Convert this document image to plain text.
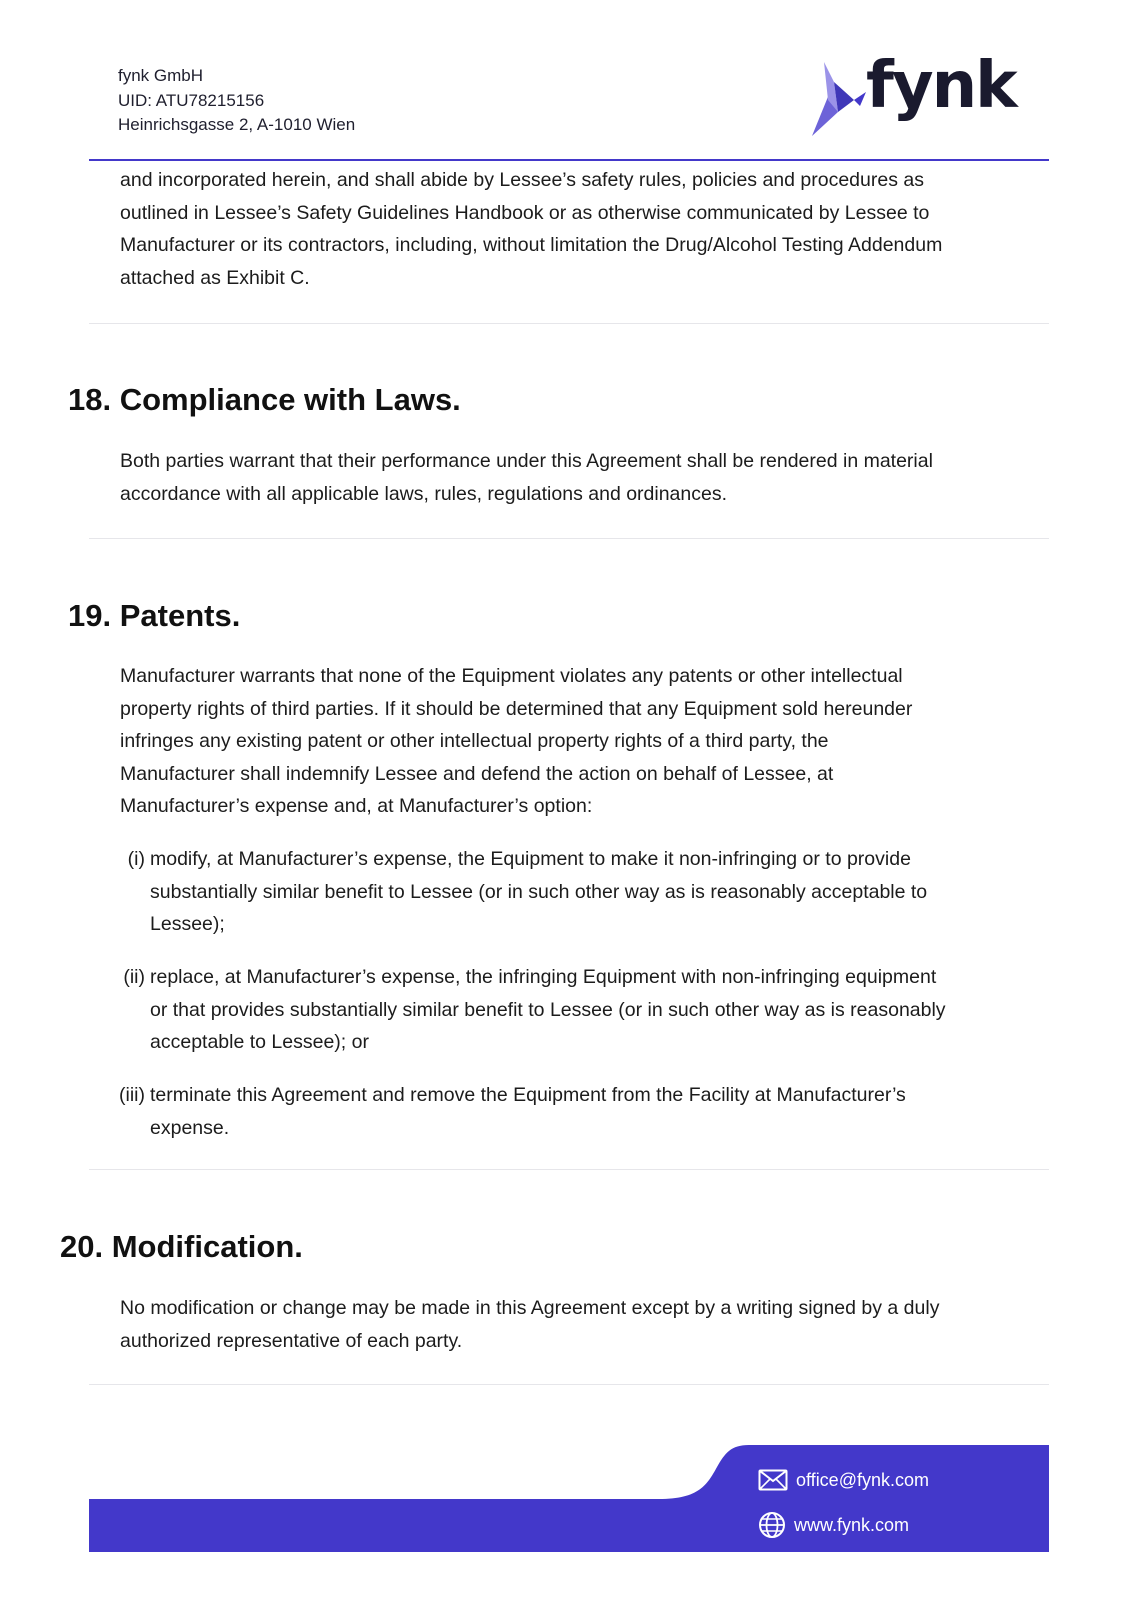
fynk GmbH
UID: ATU78215156
Heinrichsgasse 2, A-1010 Wien
fynk

and incorporated herein, and shall abide by Lessee’s safety rules, policies and procedures as
outlined in Lessee’s Safety Guidelines Handbook or as otherwise communicated by Lessee to
Manufacturer or its contractors, including, without limitation the Drug/Alcohol Testing Addendum
attached as Exhibit C.

18. Compliance with Laws.

Both parties warrant that their performance under this Agreement shall be rendered in material
accordance with all applicable laws, rules, regulations and ordinances.

19. Patents.

Manufacturer warrants that none of the Equipment violates any patents or other intellectual
property rights of third parties. If it should be determined that any Equipment sold hereunder
infringes any existing patent or other intellectual property rights of a third party, the
Manufacturer shall indemnify Lessee and defend the action on behalf of Lessee, at
Manufacturer’s expense and, at Manufacturer’s option:

(i) modify, at Manufacturer’s expense, the Equipment to make it non-infringing or to provide
substantially similar benefit to Lessee (or in such other way as is reasonably acceptable to
Lessee);
(ii) replace, at Manufacturer’s expense, the infringing Equipment with non-infringing equipment
or that provides substantially similar benefit to Lessee (or in such other way as is reasonably
acceptable to Lessee); or
(iii) terminate this Agreement and remove the Equipment from the Facility at Manufacturer’s
expense.
20. Modification.

No modification or change may be made in this Agreement except by a writing signed by a duly
authorized representative of each party.

office@fynk.com
www.fynk.com
